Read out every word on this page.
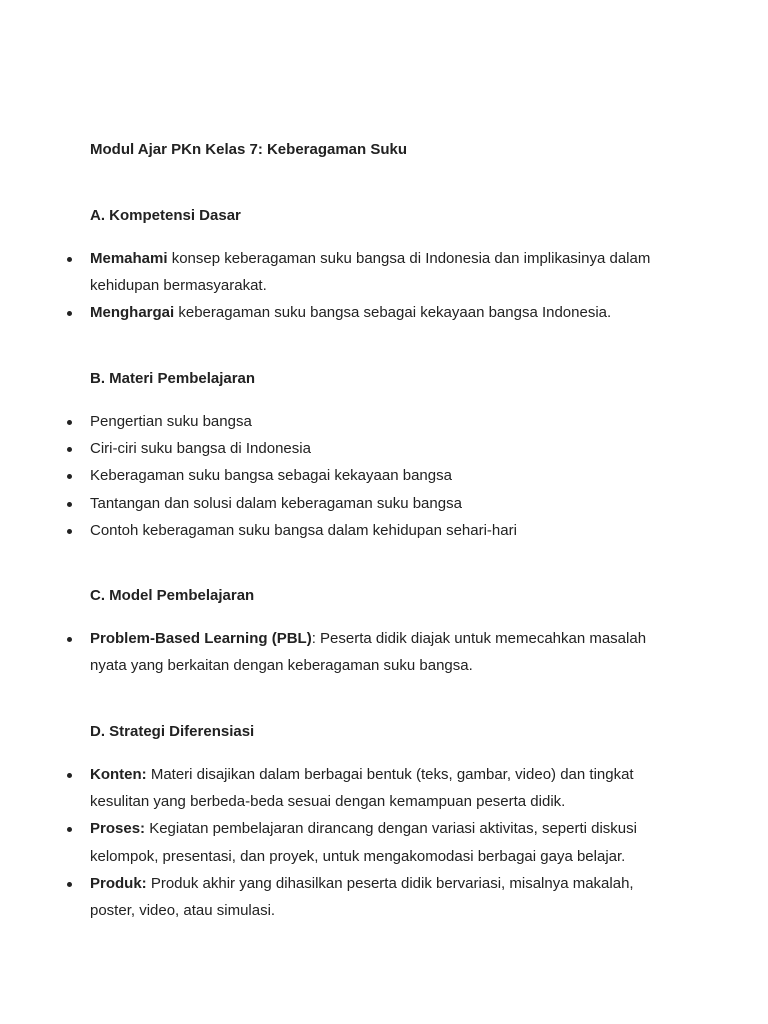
Modul Ajar PKn Kelas 7: Keberagaman Suku
A. Kompetensi Dasar
Memahami konsep keberagaman suku bangsa di Indonesia dan implikasinya dalam kehidupan bermasyarakat.
Menghargai keberagaman suku bangsa sebagai kekayaan bangsa Indonesia.
B. Materi Pembelajaran
Pengertian suku bangsa
Ciri-ciri suku bangsa di Indonesia
Keberagaman suku bangsa sebagai kekayaan bangsa
Tantangan dan solusi dalam keberagaman suku bangsa
Contoh keberagaman suku bangsa dalam kehidupan sehari-hari
C. Model Pembelajaran
Problem-Based Learning (PBL): Peserta didik diajak untuk memecahkan masalah nyata yang berkaitan dengan keberagaman suku bangsa.
D. Strategi Diferensiasi
Konten: Materi disajikan dalam berbagai bentuk (teks, gambar, video) dan tingkat kesulitan yang berbeda-beda sesuai dengan kemampuan peserta didik.
Proses: Kegiatan pembelajaran dirancang dengan variasi aktivitas, seperti diskusi kelompok, presentasi, dan proyek, untuk mengakomodasi berbagai gaya belajar.
Produk: Produk akhir yang dihasilkan peserta didik bervariasi, misalnya makalah, poster, video, atau simulasi.
